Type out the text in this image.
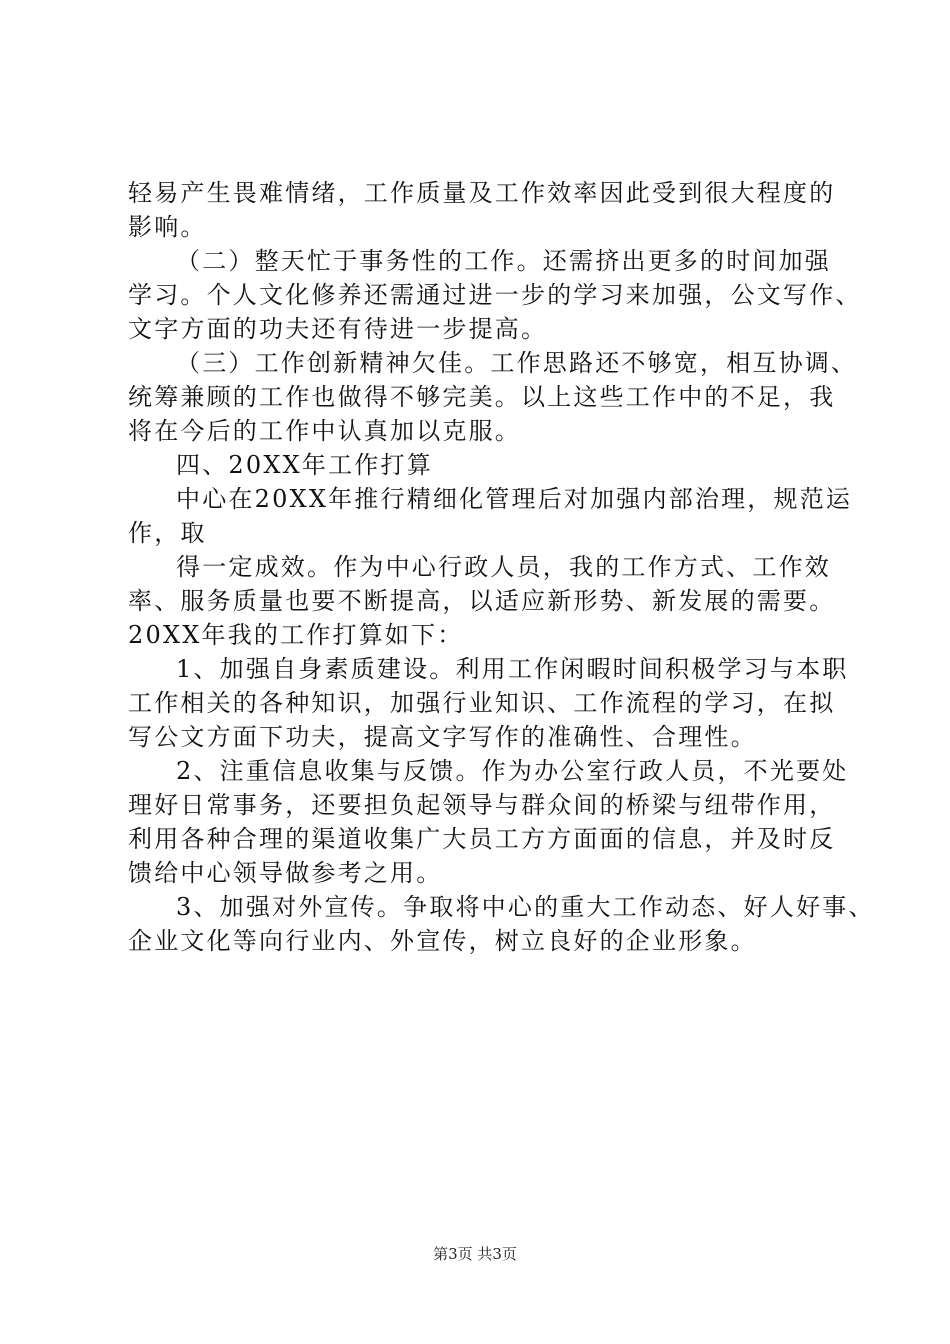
轻易产生畏难情绪，工作质量及工作效率因此受到很大程度的
影响。
（二）整天忙于事务性的工作。还需挤出更多的时间加强
学习。个人文化修养还需通过进一步的学习来加强，公文写作、
文字方面的功夫还有待进一步提高。
（三）工作创新精神欠佳。工作思路还不够宽，相互协调、
统筹兼顾的工作也做得不够完美。以上这些工作中的不足，我
将在今后的工作中认真加以克服。
四、20XX年工作打算
中心在20XX年推行精细化管理后对加强内部治理，规范运
作，取
得一定成效。作为中心行政人员，我的工作方式、工作效
率、服务质量也要不断提高，以适应新形势、新发展的需要。
20XX年我的工作打算如下：
1、加强自身素质建设。利用工作闲暇时间积极学习与本职
工作相关的各种知识，加强行业知识、工作流程的学习，在拟
写公文方面下功夫，提高文字写作的准确性、合理性。
2、注重信息收集与反馈。作为办公室行政人员，不光要处
理好日常事务，还要担负起领导与群众间的桥梁与纽带作用，
利用各种合理的渠道收集广大员工方方面面的信息，并及时反
馈给中心领导做参考之用。
3、加强对外宣传。争取将中心的重大工作动态、好人好事、
企业文化等向行业内、外宣传，树立良好的企业形象。
第3页 共3页
